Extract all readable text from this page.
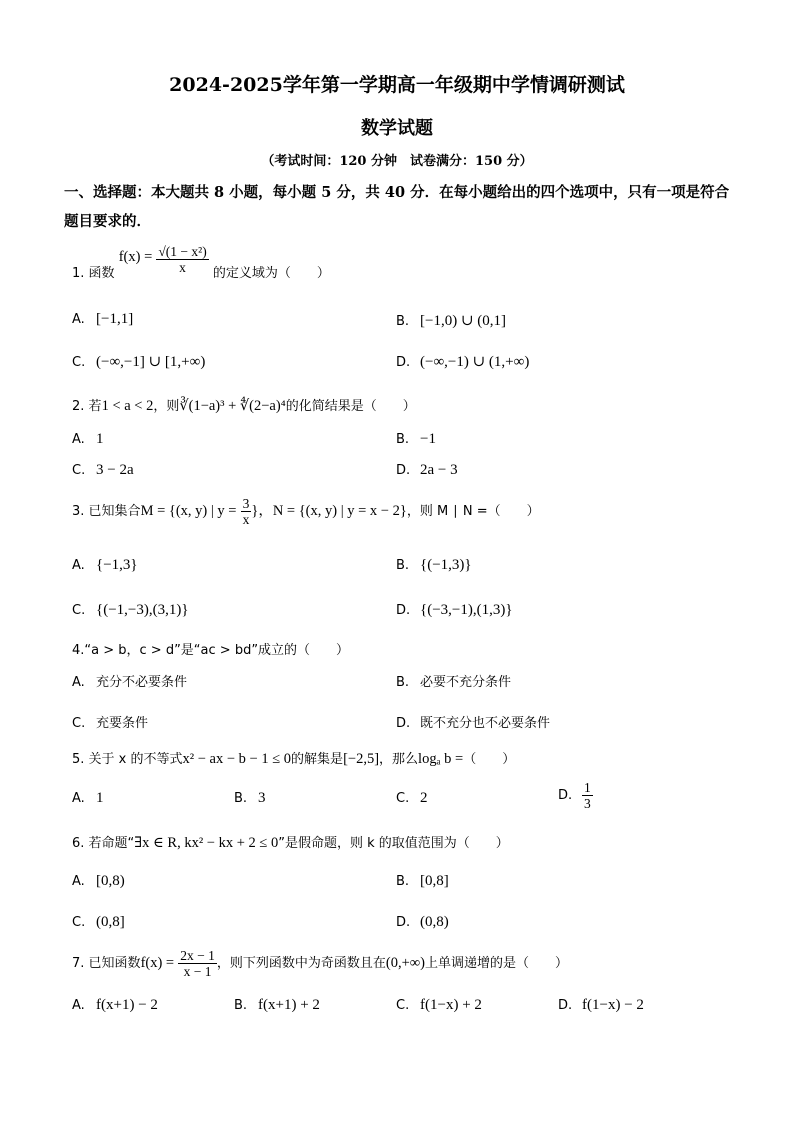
2024-2025学年第一学期高一年级期中学情调研测试
数学试题
（考试时间：120 分钟　试卷满分：150 分）
一、选择题：本大题共 8 小题，每小题 5 分，共 40 分．在每小题给出的四个选项中，只有一项是符合题目要求的．
1. 函数 $f(x) = \frac{\text{√(1 − x²)}}{x}$ 的定义域为（　　）
A. [−1,1]	B. [−1,0) ∪ (0,1]
C. (−∞,−1] ∪ [1,+∞)	D. (−∞,−1) ∪ (1,+∞)
2. 若1 < a < 2，则∛(1−a)³ + ∜(2−a)⁴的化简结果是（　　）
A. 1	B. −1
C. 3 − 2a	D. 2a − 3
3. 已知集合M = {(x, y) | $y = \frac{3}{x}$ }，N = {(x, y) | y = x − 2}，则 M ∣ N =（　　）
A. {−1,3}	B. {(−1,3)}
C. {(−1,−3),(3,1)}	D. {(−3,−1),(1,3)}
4.“a > b，c > d”是“ac > bd”成立的（　　）
A. 充分不必要条件	B. 必要不充分条件
C. 充要条件	D. 既不充分也不必要条件
5. 关于 x 的不等式x² − ax − b − 1 ≤ 0的解集是[−2,5]，那么logₐ b =（　　）
A. 1	B. 3	C. 2	D. $\frac{1}{3}$
6. 若命题“∃x ∈ R, kx² − kx + 2 ≤ 0”是假命题，则 k 的取值范围为（　　）
A. [0,8)	B. [0,8]
C. (0,8]	D. (0,8)
7. 已知函数$f(x) = \frac{2x - 1}{x - 1}$ ，则下列函数中为奇函数且在(0,+∞)上单调递增的是（　　）
A. f(x+1) − 2	B. f(x+1) + 2	C. f(1−x) + 2	D. f(1−x) − 2
